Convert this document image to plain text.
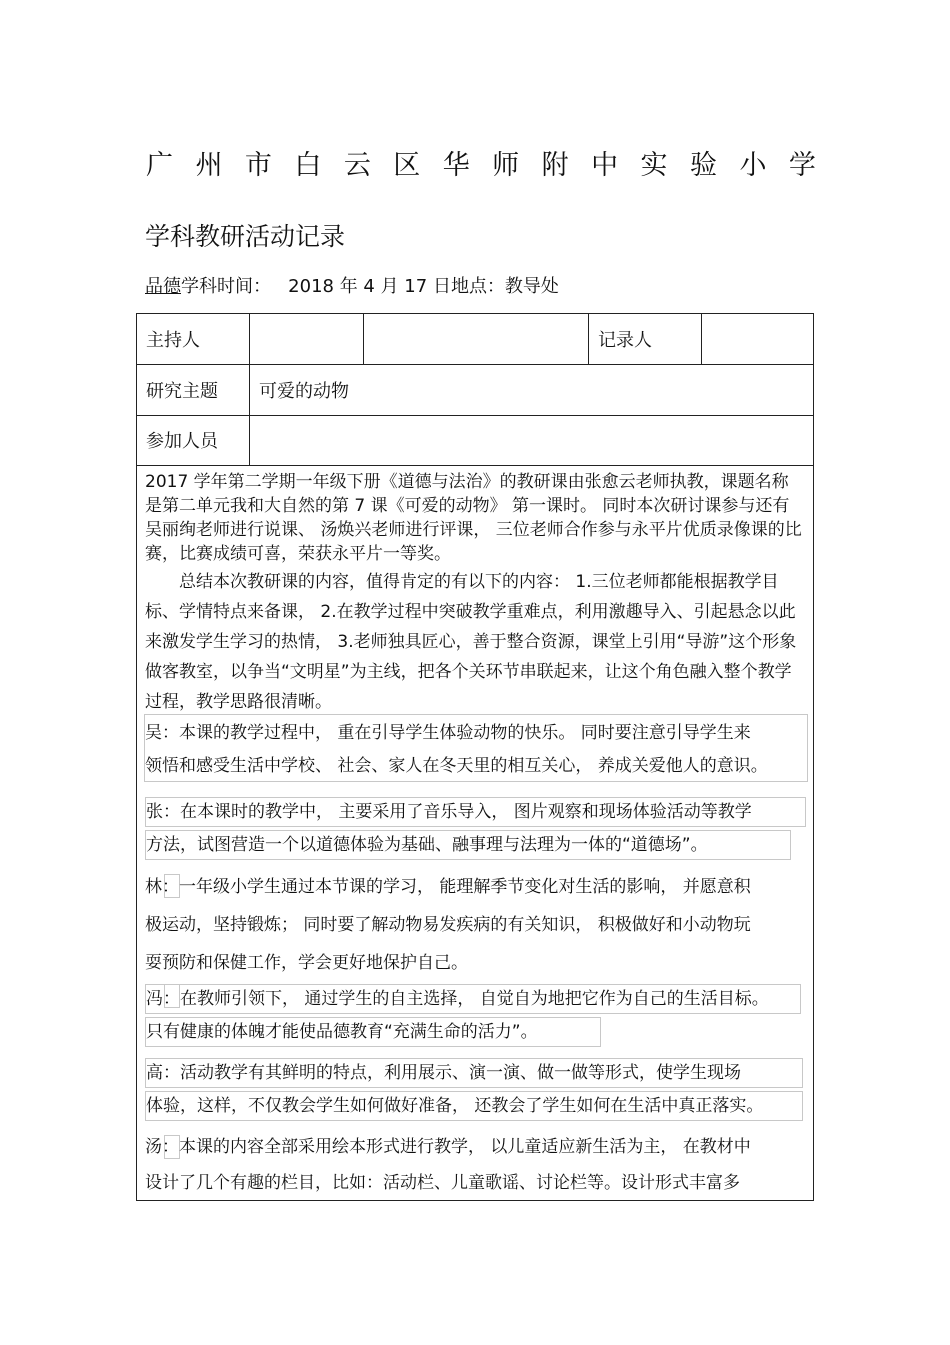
广 州 市 白 云 区 华 师 附 中 实 验 小 学
学科教研活动记录
品德学科时间：   2018 年 4 月 17 日地点：教导处
主持人	记录人
研究主题	可爱的动物
参加人员
2017 学年第二学期一年级下册《道德与法治》的教研课由张愈云老师执教，课题名称是第二单元我和大自然的第 7 课《可爱的动物》 第一课时。 同时本次研讨课参与还有吴丽绚老师进行说课、 汤焕兴老师进行评课， 三位老师合作参与永平片优质录像课的比赛，比赛成绩可喜，荣获永平片一等奖。
总结本次教研课的内容，值得肯定的有以下的内容： 1.三位老师都能根据教学目标、学情特点来备课， 2.在教学过程中突破教学重难点，利用激趣导入、引起悬念以此来激发学生学习的热情， 3.老师独具匠心，善于整合资源，课堂上引用“导游”这个形象做客教室，以争当“文明星”为主线，把各个关环节串联起来，让这个角色融入整个教学过程，教学思路很清晰。
吴：本课的教学过程中， 重在引导学生体验动物的快乐。 同时要注意引导学生来
领悟和感受生活中学校、 社会、家人在冬天里的相互关心， 养成关爱他人的意识。
张：在本课时的教学中， 主要采用了音乐导入， 图片观察和现场体验活动等教学
方法，试图营造一个以道德体验为基础、融事理与法理为一体的“道德场”。
林：一年级小学生通过本节课的学习， 能理解季节变化对生活的影响， 并愿意积
极运动，坚持锻炼； 同时要了解动物易发疾病的有关知识， 积极做好和小动物玩
耍预防和保健工作，学会更好地保护自己。
冯：在教师引领下， 通过学生的自主选择， 自觉自为地把它作为自己的生活目标。
只有健康的体魄才能使品德教育“充满生命的活力”。
高：活动教学有其鲜明的特点，利用展示、演一演、做一做等形式，使学生现场
体验，这样，不仅教会学生如何做好准备， 还教会了学生如何在生活中真正落实。
汤：本课的内容全部采用绘本形式进行教学， 以儿童适应新生活为主， 在教材中
设计了几个有趣的栏目，比如：活动栏、儿童歌谣、讨论栏等。设计形式丰富多
